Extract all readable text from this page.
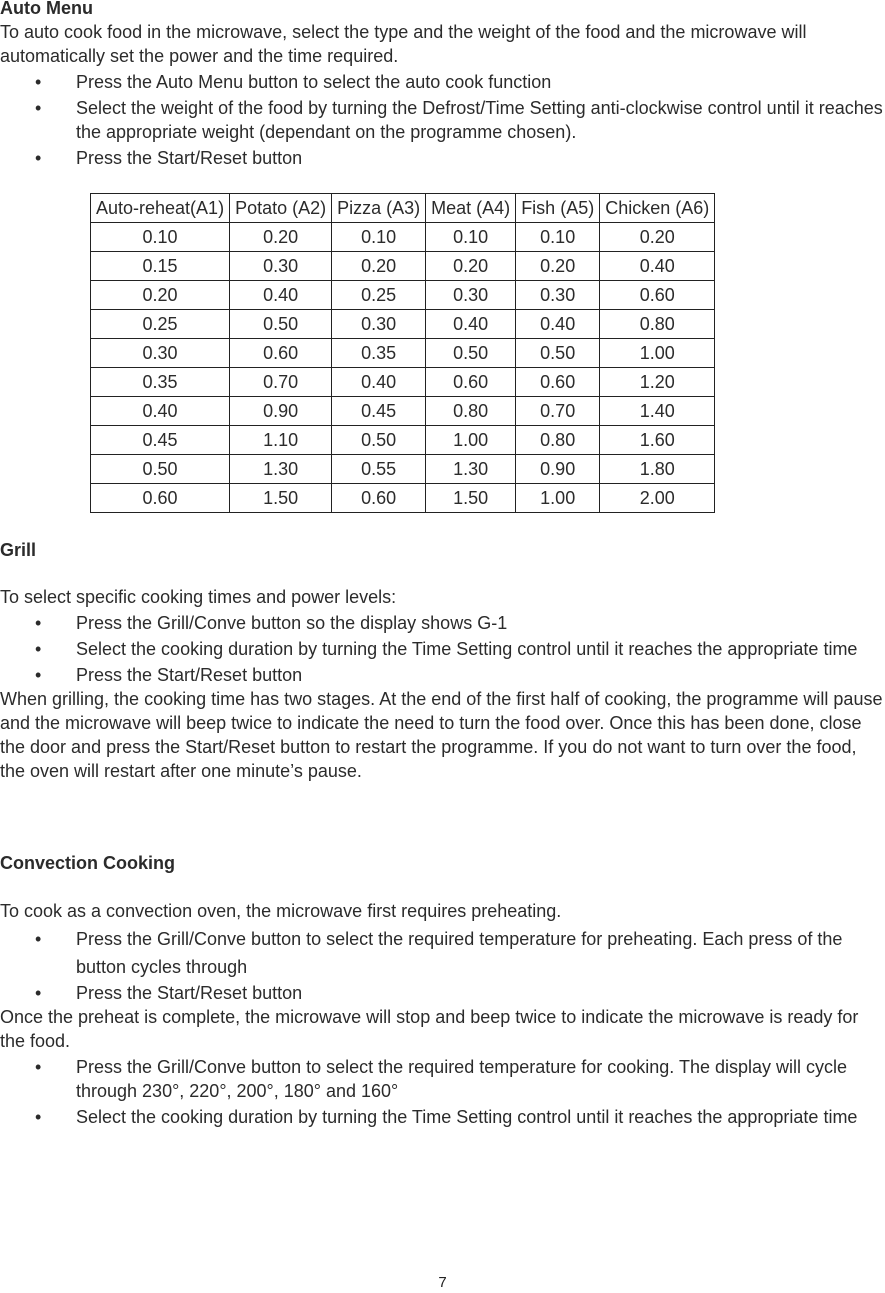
Auto Menu

To auto cook food in the microwave, select the type and the weight of the food and the microwave will automatically set the power and the time required.

• Press the Auto Menu button to select the auto cook function
• Select the weight of the food by turning the Defrost/Time Setting anti-clockwise control until it reaches the appropriate weight (dependant on the programme chosen).
• Press the Start/Reset button
Auto-reheat(A1)	Potato (A2)	Pizza (A3)	Meat (A4)	Fish (A5)	Chicken (A6)
0.10	0.20	0.10	0.10	0.10	0.20
0.15	0.30	0.20	0.20	0.20	0.40
0.20	0.40	0.25	0.30	0.30	0.60
0.25	0.50	0.30	0.40	0.40	0.80
0.30	0.60	0.35	0.50	0.50	1.00
0.35	0.70	0.40	0.60	0.60	1.20
0.40	0.90	0.45	0.80	0.70	1.40
0.45	1.10	0.50	1.00	0.80	1.60
0.50	1.30	0.55	1.30	0.90	1.80
0.60	1.50	0.60	1.50	1.00	2.00

Grill

To select specific cooking times and power levels:

• Press the Grill/Conve button so the display shows G-1
• Select the cooking duration by turning the Time Setting control until it reaches the appropriate time
• Press the Start/Reset button

When grilling, the cooking time has two stages. At the end of the first half of cooking, the programme will pause and the microwave will beep twice to indicate the need to turn the food over. Once this has been done, close the door and press the Start/Reset button to restart the programme. If you do not want to turn over the food, the oven will restart after one minute’s pause.

Convection Cooking

To cook as a convection oven, the microwave first requires preheating.

• Press the Grill/Conve button to select the required temperature for preheating. Each press of the button cycles through
• Press the Start/Reset button

Once the preheat is complete, the microwave will stop and beep twice to indicate the microwave is ready for the food.

• Press the Grill/Conve button to select the required temperature for cooking. The display will cycle through 230°, 220°, 200°, 180° and 160°
• Select the cooking duration by turning the Time Setting control until it reaches the appropriate time
7
